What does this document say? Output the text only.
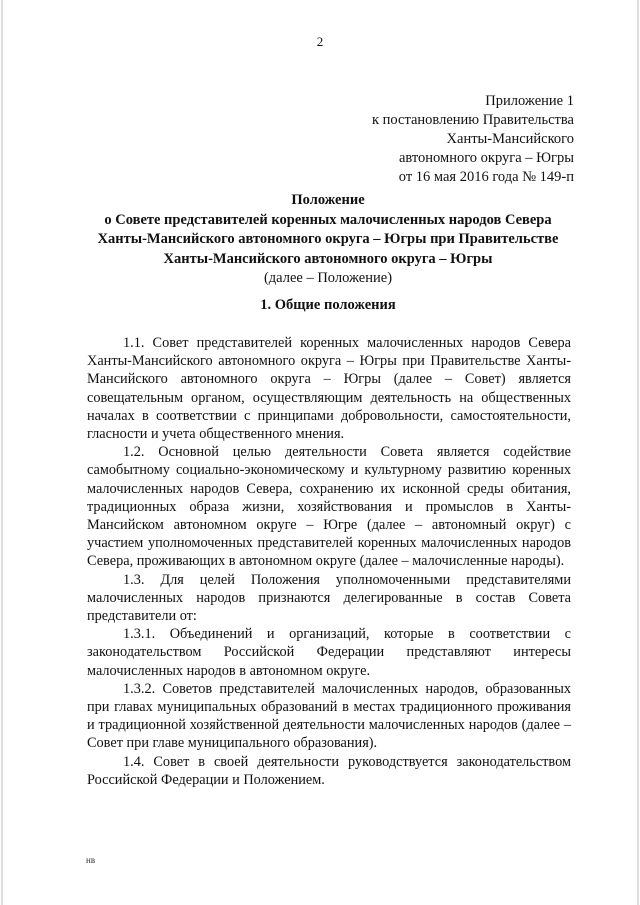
2
Приложение 1
к постановлению Правительства
Ханты-Мансийского
автономного округа – Югры
от 16 мая 2016 года № 149-п
Положение
о Совете представителей коренных малочисленных народов Севера
Ханты-Мансийского автономного округа – Югры при Правительстве
Ханты-Мансийского автономного округа – Югры
(далее – Положение)
1. Общие положения

1.1. Совет представителей коренных малочисленных народов Севера Ханты-Мансийского автономного округа – Югры при Правительстве Ханты-Мансийского автономного округа – Югры (далее – Совет) является совещательным органом, осуществляющим деятельность на общественных началах в соответствии с принципами добровольности, самостоятельности, гласности и учета общественного мнения.

1.2. Основной целью деятельности Совета является содействие самобытному социально-экономическому и культурному развитию коренных малочисленных народов Севера, сохранению их исконной среды обитания, традиционных образа жизни, хозяйствования и промыслов в Ханты-Мансийском автономном округе – Югре (далее – автономный округ) с участием уполномоченных представителей коренных малочисленных народов Севера, проживающих в автономном округе (далее – малочисленные народы).

1.3. Для целей Положения уполномоченными представителями малочисленных народов признаются делегированные в состав Совета представители от:

1.3.1. Объединений и организаций, которые в соответствии с законодательством Российской Федерации представляют интересы малочисленных народов в автономном округе.

1.3.2. Советов представителей малочисленных народов, образованных при главах муниципальных образований в местах традиционного проживания и традиционной хозяйственной деятельности малочисленных народов (далее – Совет при главе муниципального образования).

1.4. Совет в своей деятельности руководствуется законодательством Российской Федерации и Положением.

нв
